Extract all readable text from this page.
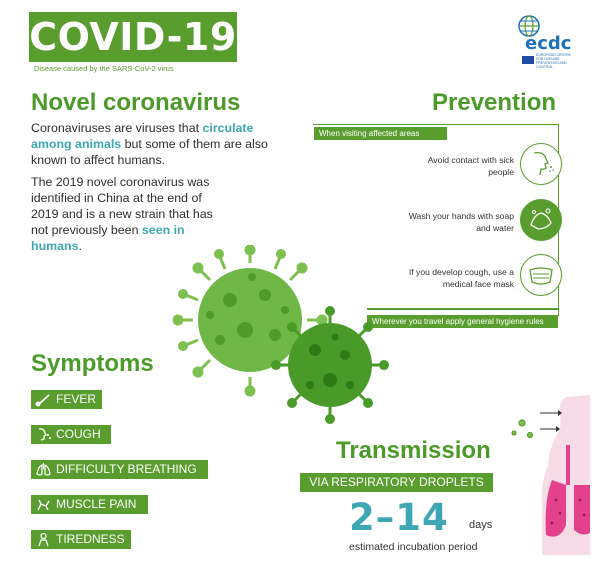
COVID-19
Disease caused by the SARS-CoV-2 virus
ecdc
EUROPEAN CENTRE FOR DISEASE PREVENTION AND CONTROL
Novel coronavirus

Coronaviruses are viruses that circulate among animals but some of them are also known to affect humans.

The 2019 novel coronavirus was identified in China at the end of 2019 and is a new strain that has not previously been seen in humans.

Prevention
When visiting affected areas
Avoid contact with sick people
Wash your hands with soap and water
If you develop cough, use a medical face mask
Wherever you travel apply general hygiene rules
Symptoms
FEVER
COUGH
DIFFICULTY BREATHING
MUSCLE PAIN
TIREDNESS
Transmission
VIA RESPIRATORY DROPLETS
2–14 days
estimated incubation period
